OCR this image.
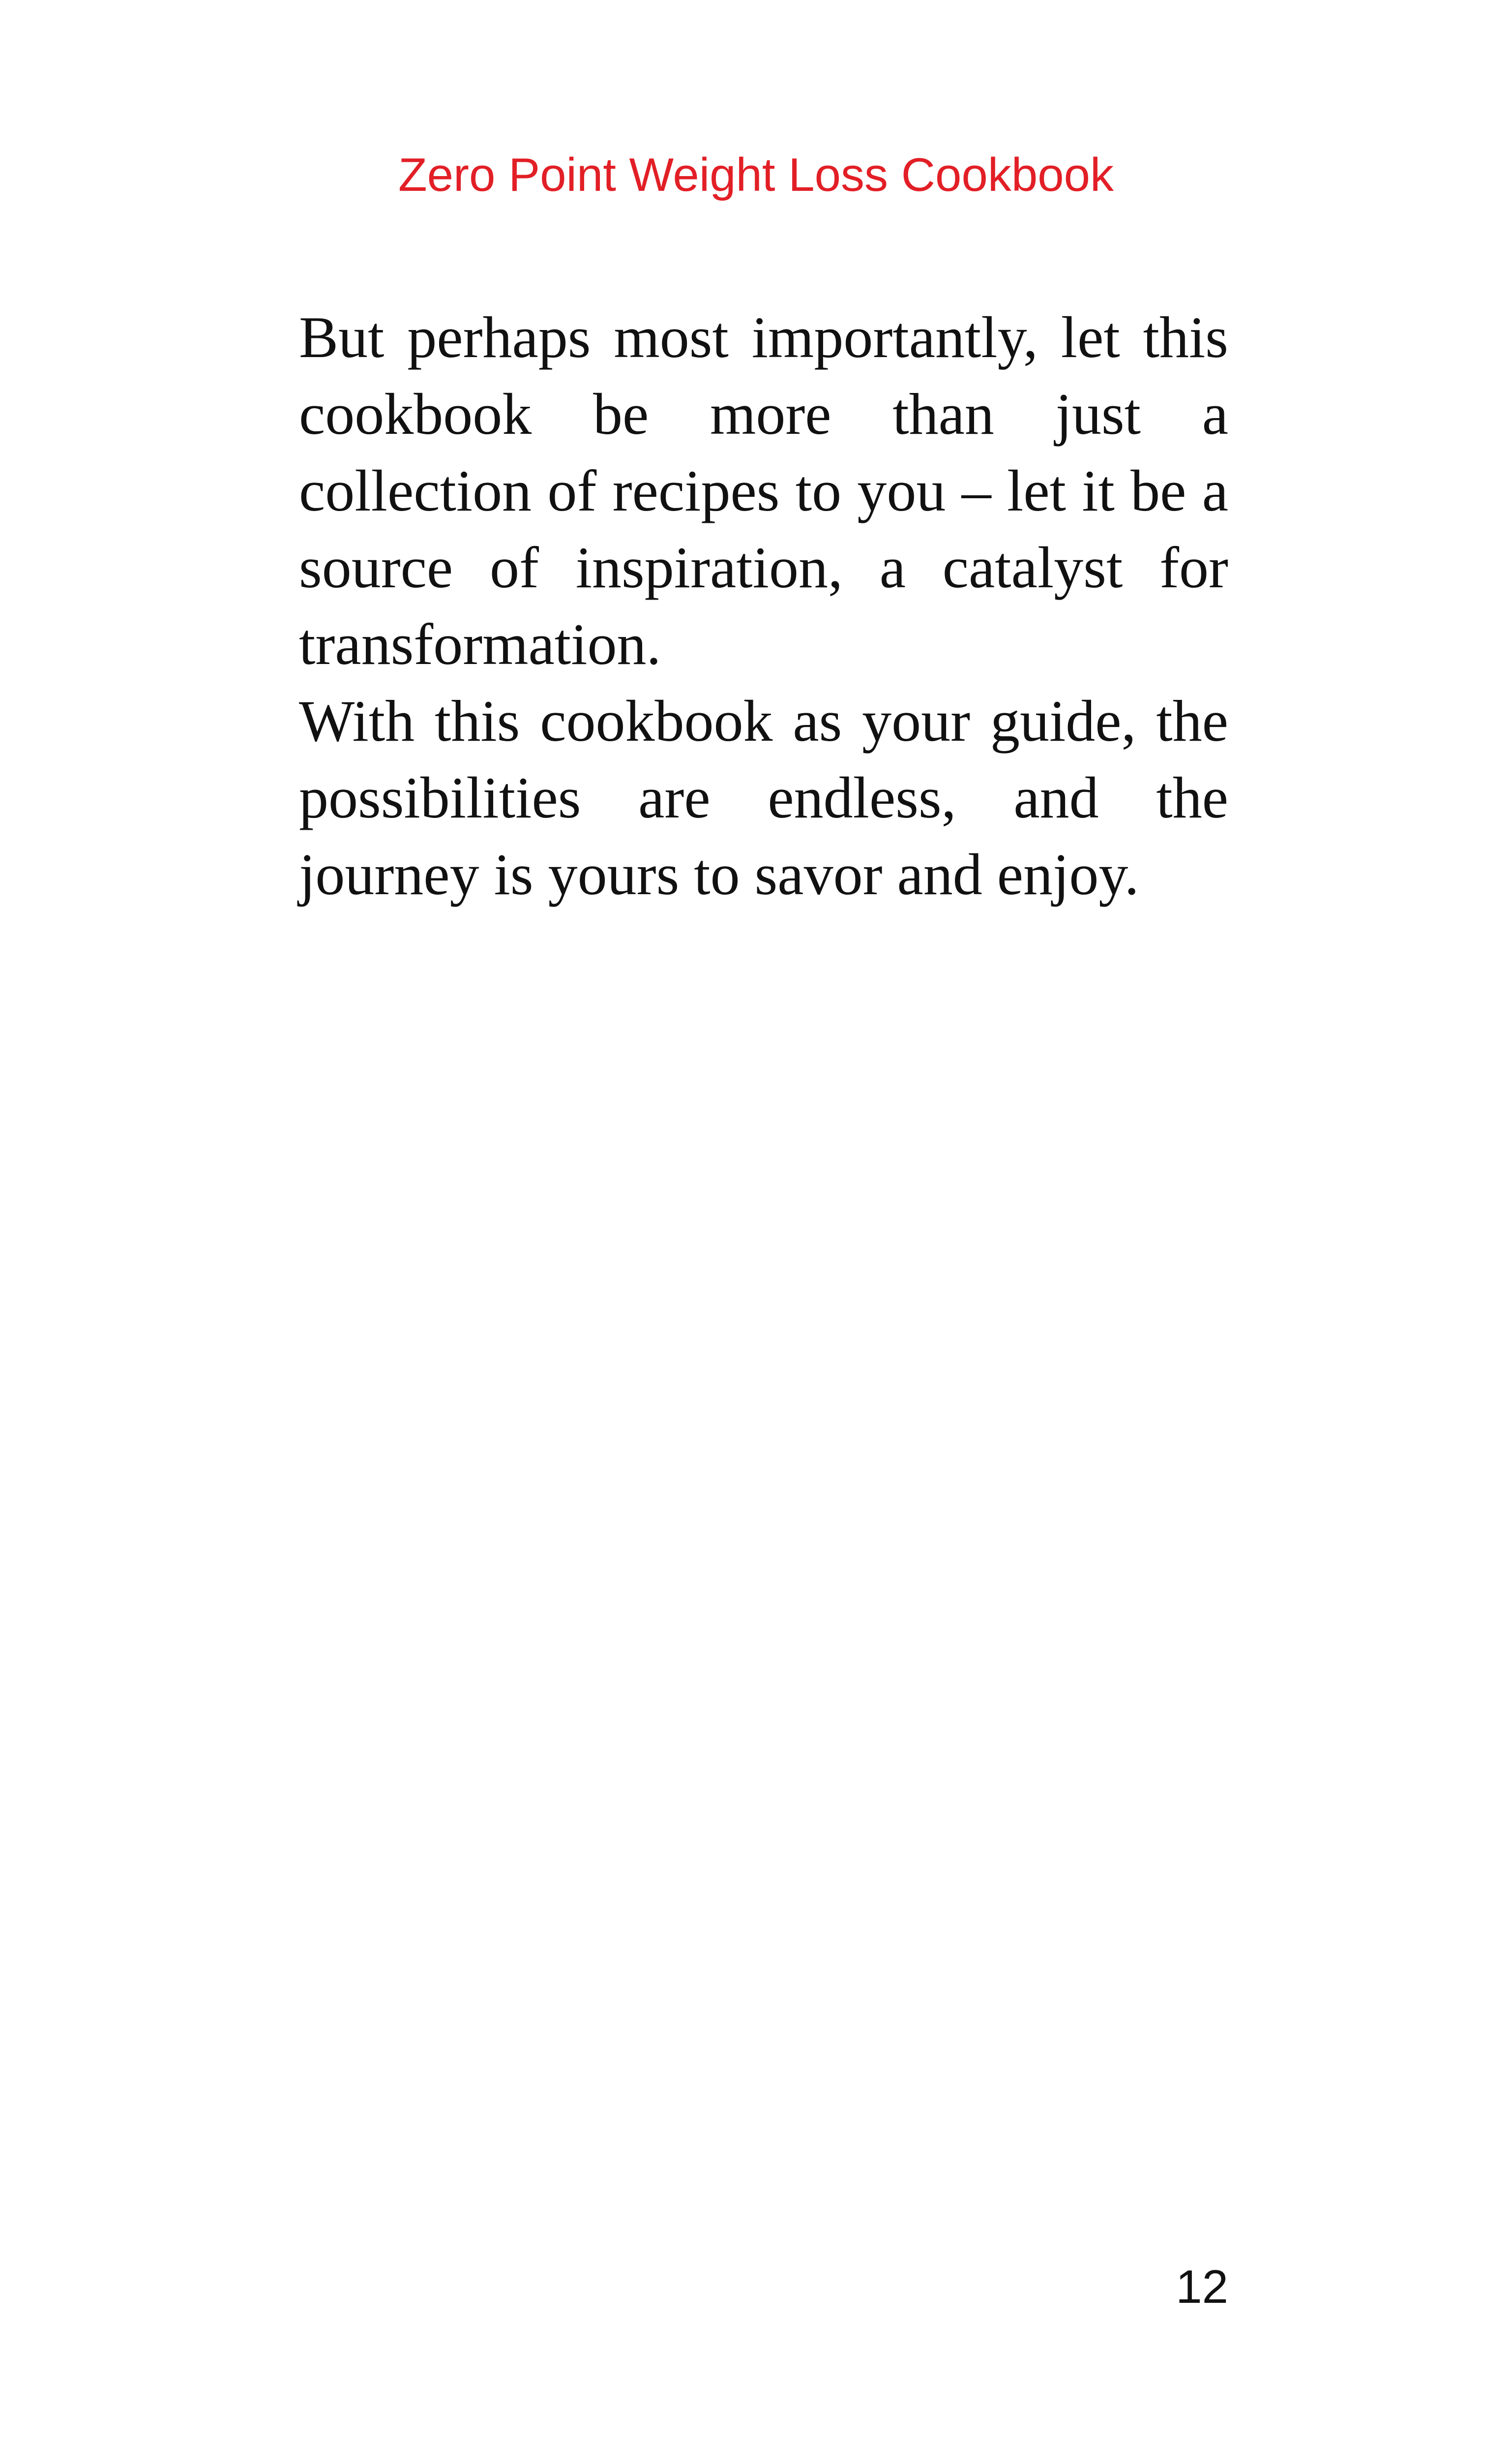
Zero Point Weight Loss Cookbook

But perhaps most importantly, let this cookbook be more than just a collection of recipes to you – let it be a source of inspiration, a catalyst for transformation.

With this cookbook as your guide, the possibilities are endless, and the journey is yours to savor and enjoy.

12
